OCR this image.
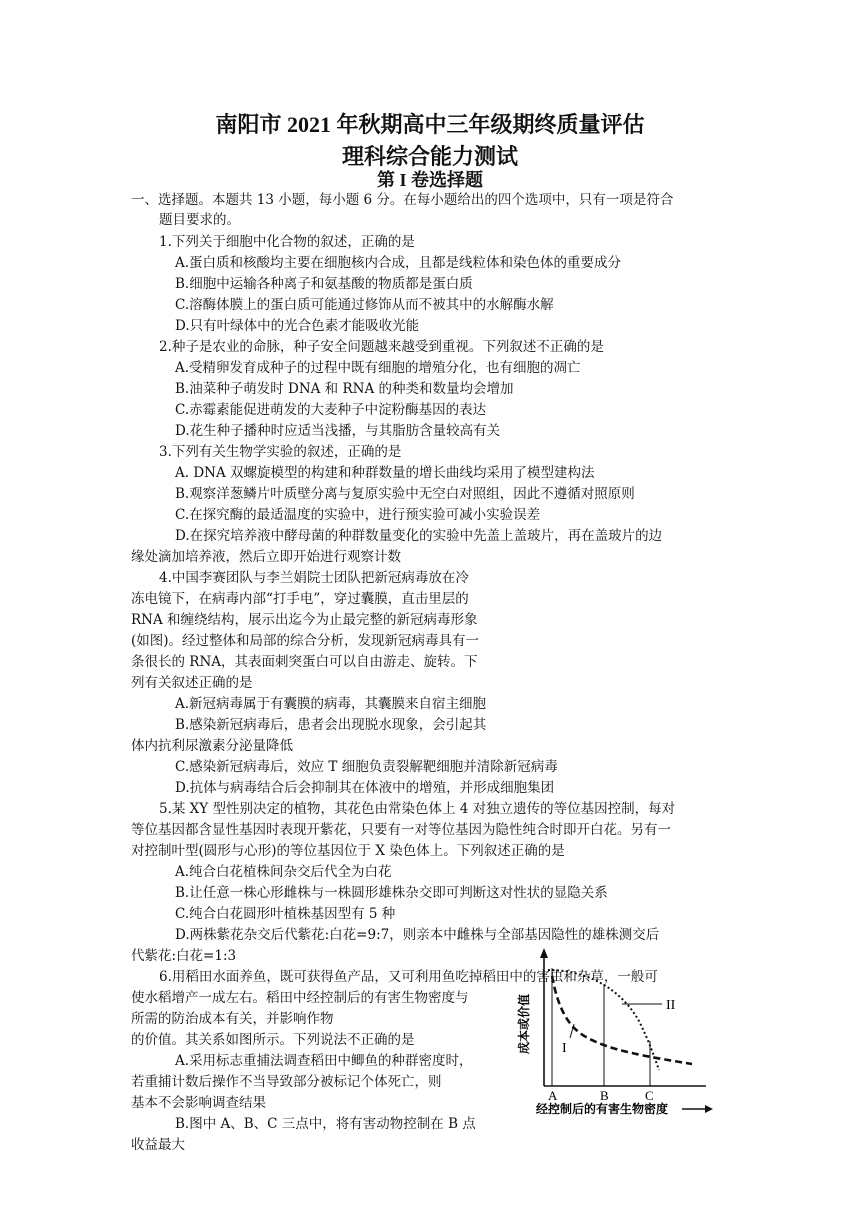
南阳市 2021 年秋期高中三年级期终质量评估
理科综合能力测试
第 I 卷选择题
一、选择题。本题共 13 小题，每小题 6 分。在每小题给出的四个选项中，只有一项是符合
题目要求的。
1.下列关于细胞中化合物的叙述，正确的是
A.蛋白质和核酸均主要在细胞核内合成，且都是线粒体和染色体的重要成分
B.细胞中运输各种离子和氨基酸的物质都是蛋白质
C.溶酶体膜上的蛋白质可能通过修饰从而不被其中的水解酶水解
D.只有叶绿体中的光合色素才能吸收光能
2.种子是农业的命脉，种子安全问题越来越受到重视。下列叙述不正确的是
A.受精卵发育成种子的过程中既有细胞的增殖分化，也有细胞的凋亡
B.油菜种子萌发时 DNA 和 RNA 的种类和数量均会增加
C.赤霉素能促进萌发的大麦种子中淀粉酶基因的表达
D.花生种子播种时应适当浅播，与其脂肪含量较高有关
3.下列有关生物学实验的叙述，正确的是
A. DNA 双螺旋模型的构建和种群数量的增长曲线均采用了模型建构法
B.观察洋葱鳞片叶质壁分离与复原实验中无空白对照组，因此不遵循对照原则
C.在探究酶的最适温度的实验中，进行预实验可减小实验误差
D.在探究培养液中酵母菌的种群数量变化的实验中先盖上盖玻片，再在盖玻片的边
缘处滴加培养液，然后立即开始进行观察计数
4.中国李赛团队与李兰娟院士团队把新冠病毒放在冷
冻电镜下，在病毒内部“打手电”，穿过囊膜，直击里层的
RNA 和缠绕结构，展示出迄今为止最完整的新冠病毒形象
(如图)。经过整体和局部的综合分析，发现新冠病毒具有一
条很长的 RNA，其表面刺突蛋白可以自由游走、旋转。下
列有关叙述正确的是
A.新冠病毒属于有囊膜的病毒，其囊膜来自宿主细胞
B.感染新冠病毒后，患者会出现脱水现象，会引起其
体内抗利尿激素分泌量降低
C.感染新冠病毒后，效应 T 细胞负责裂解靶细胞并清除新冠病毒
D.抗体与病毒结合后会抑制其在体液中的增殖，并形成细胞集团
5.某 XY 型性别决定的植物，其花色由常染色体上 4 对独立遗传的等位基因控制，每对
等位基因都含显性基因时表现开紫花，只要有一对等位基因为隐性纯合时即开白花。另有一
对控制叶型(圆形与心形)的等位基因位于 X 染色体上。下列叙述正确的是
A.纯合白花植株间杂交后代全为白花
B.让任意一株心形雌株与一株圆形雄株杂交即可判断这对性状的显隐关系
C.纯合白花圆形叶植株基因型有 5 种
D.两株紫花杂交后代紫花:白花=9:7，则亲本中雌株与全部基因隐性的雄株测交后
代紫花:白花=1:3
6.用稻田水面养鱼，既可获得鱼产品，又可利用鱼吃掉稻田中的害虫和杂草，一般可
使水稻增产一成左右。稻田中经控制后的有害生物密度与
所需的防治成本有关，并影响作物
的价值。其关系如图所示。下列说法不正确的是
A.采用标志重捕法调查稻田中鲫鱼的种群密度时，
若重捕计数后操作不当导致部分被标记个体死亡，则
基本不会影响调查结果
B.图中 A、B、C 三点中，将有害动物控制在 B 点
收益最大
II
I
A	B	C
成本或价值
经控制后的有害生物密度
